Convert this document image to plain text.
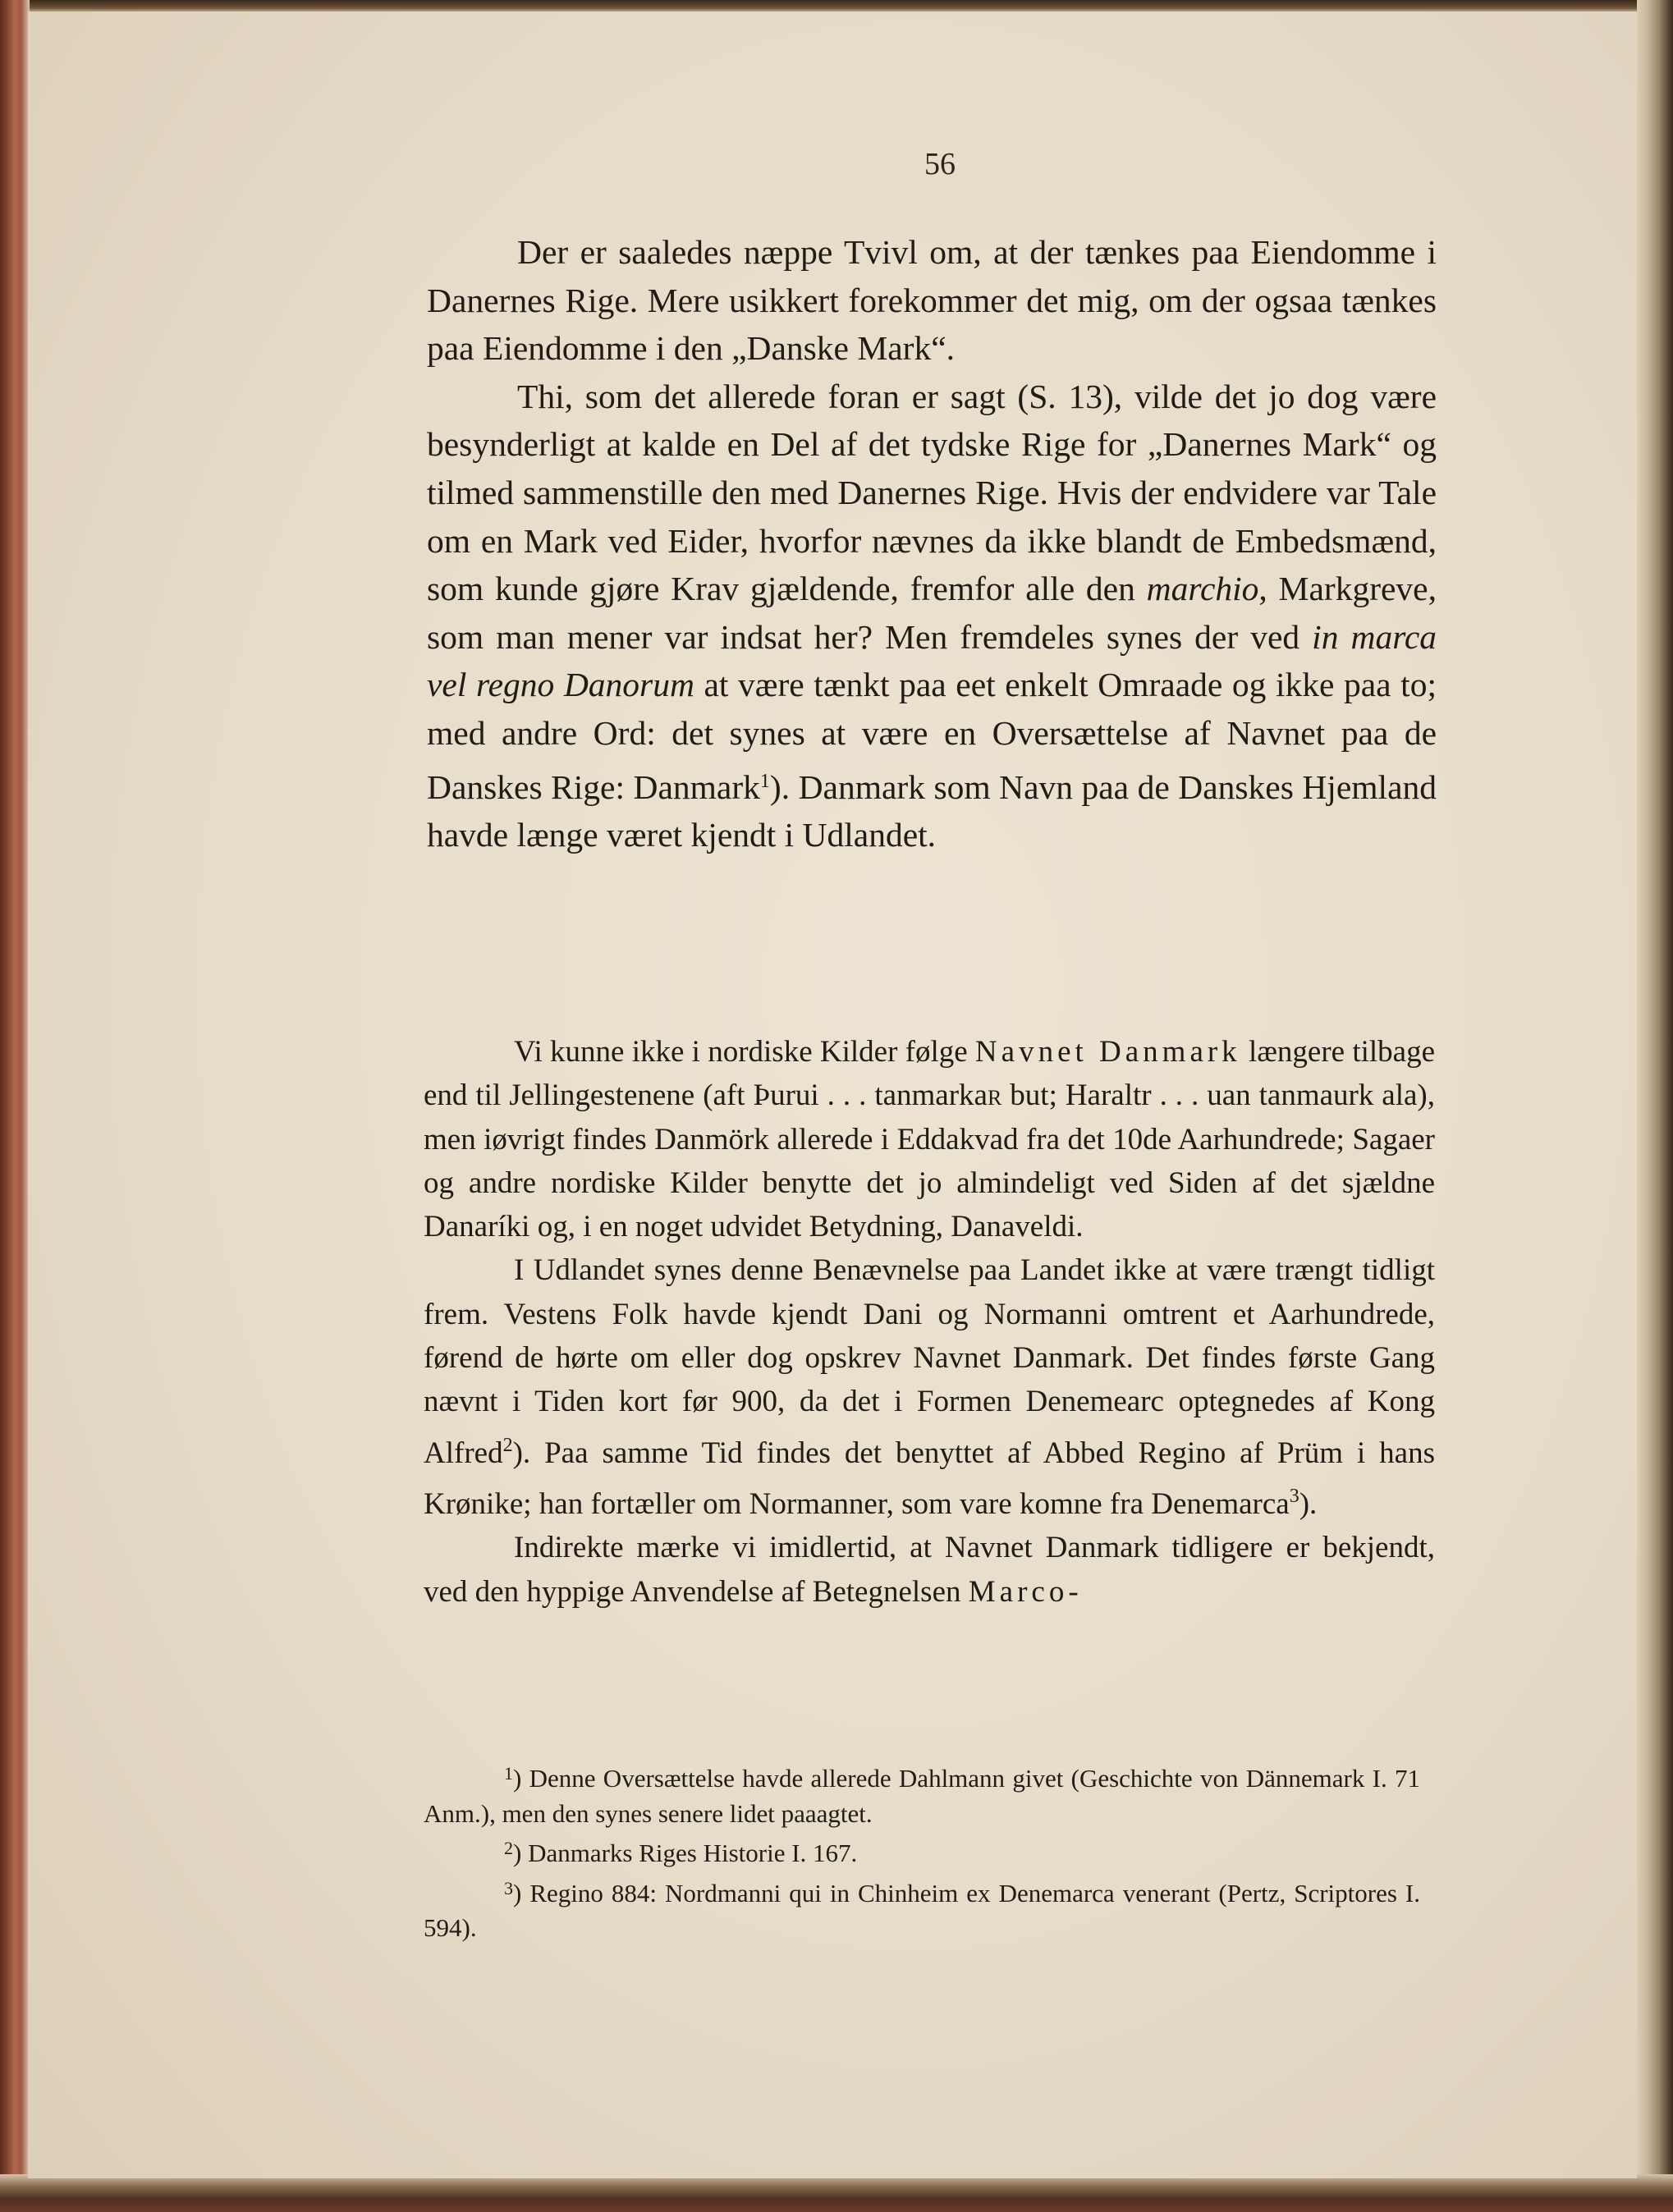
56

Der er saaledes næppe Tvivl om, at der tænkes paa Eiendomme i Danernes Rige. Mere usikkert forekommer det mig, om der ogsaa tænkes paa Eiendomme i den „Danske Mark“.

Thi, som det allerede foran er sagt (S. 13), vilde det jo dog være besynderligt at kalde en Del af det tydske Rige for „Danernes Mark“ og tilmed sammenstille den med Danernes Rige. Hvis der endvidere var Tale om en Mark ved Eider, hvorfor nævnes da ikke blandt de Embedsmænd, som kunde gjøre Krav gjældende, fremfor alle den marchio, Markgreve, som man mener var indsat her? Men fremdeles synes der ved in marca vel regno Danorum at være tænkt paa eet enkelt Omraade og ikke paa to; med andre Ord: det synes at være en Oversættelse af Navnet paa de Danskes Rige: Danmark$^1$). Danmark som Navn paa de Danskes Hjemland havde længe været kjendt i Udlandet.

Vi kunne ikke i nordiske Kilder følge Navnet Danmark længere tilbage end til Jellingestenene (aft Þurui . . . tanmarkar but; Haraltr . . . uan tanmaurk ala), men iøvrigt findes Danmörk allerede i Eddakvad fra det 10de Aarhundrede; Sagaer og andre nordiske Kilder benytte det jo almindeligt ved Siden af det sjældne Danaríki og, i en noget udvidet Betydning, Danaveldi.

I Udlandet synes denne Benævnelse paa Landet ikke at være trængt tidligt frem. Vestens Folk havde kjendt Dani og Normanni omtrent et Aarhundrede, førend de hørte om eller dog opskrev Navnet Danmark. Det findes første Gang nævnt i Tiden kort før 900, da det i Formen Denemearc optegnedes af Kong Alfred$^2$). Paa samme Tid findes det benyttet af Abbed Regino af Prüm i hans Krønike; han fortæller om Normanner, som vare komne fra Denemarca$^3$).

Indirekte mærke vi imidlertid, at Navnet Danmark tidligere er bekjendt, ved den hyppige Anvendelse af Betegnelsen Marco-

$^1$) Denne Oversættelse havde allerede Dahlmann givet (Geschichte von Dännemark I. 71 Anm.), men den synes senere lidet paaagtet.

$^2$) Danmarks Riges Historie I. 167.

$^3$) Regino 884: Nordmanni qui in Chinheim ex Denemarca venerant (Pertz, Scriptores I. 594).
